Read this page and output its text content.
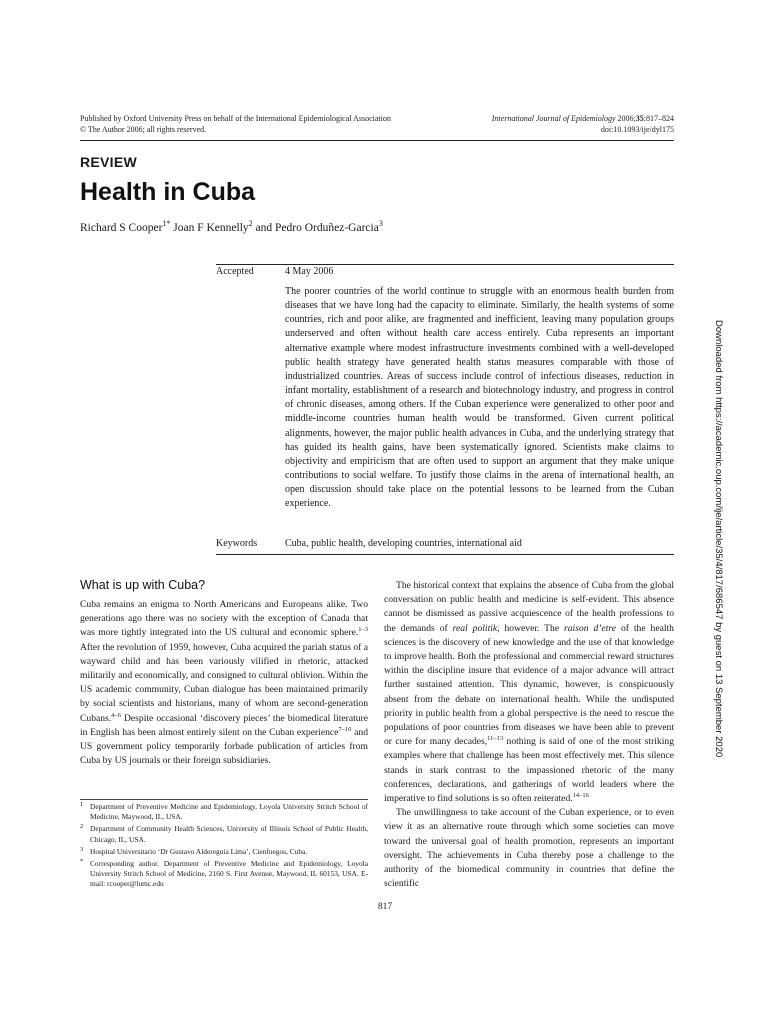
Published by Oxford University Press on behalf of the International Epidemiological Association
© The Author 2006; all rights reserved.
International Journal of Epidemiology 2006;35:817–824
doi:10.1093/ije/dyl175
REVIEW
Health in Cuba
Richard S Cooper$^{1*}$ Joan F Kennelly$^2$ and Pedro Orduñez-Garcia$^3$
Accepted	4 May 2006
The poorer countries of the world continue to struggle with an enormous health burden from diseases that we have long had the capacity to eliminate. Similarly, the health systems of some countries, rich and poor alike, are fragmented and inefficient, leaving many population groups underserved and often without health care access entirely. Cuba represents an important alternative example where modest infrastructure investments combined with a well-developed public health strategy have generated health status measures comparable with those of industrialized countries. Areas of success include control of infectious diseases, reduction in infant mortality, establishment of a research and biotechnology industry, and progress in control of chronic diseases, among others. If the Cuban experience were generalized to other poor and middle-income countries human health would be transformed. Given current political alignments, however, the major public health advances in Cuba, and the underlying strategy that has guided its health gains, have been systematically ignored. Scientists make claims to objectivity and empiricism that are often used to support an argument that they make unique contributions to social welfare. To justify those claims in the arena of international health, an open discussion should take place on the potential lessons to be learned from the Cuban experience.
Keywords	Cuba, public health, developing countries, international aid
What is up with Cuba?

Cuba remains an enigma to North Americans and Europeans alike. Two generations ago there was no society with the exception of Canada that was more tightly integrated into the US cultural and economic sphere.$^{1-3}$ After the revolution of 1959, however, Cuba acquired the pariah status of a wayward child and has been variously vilified in rhetoric, attacked militarily and economically, and consigned to cultural oblivion. Within the US academic community, Cuban dialogue has been maintained primarily by social scientists and historians, many of whom are second-generation Cubans.$^{4-6}$ Despite occasional ‘discovery pieces’ the biomedical literature in English has been almost entirely silent on the Cuban experience$^{7-10}$ and US government policy temporarily forbade publication of articles from Cuba by US journals or their foreign subsidiaries.

The historical context that explains the absence of Cuba from the global conversation on public health and medicine is self-evident. This absence cannot be dismissed as passive acquiescence of the health professions to the demands of real politik, however. The raison d’etre of the health sciences is the discovery of new knowledge and the use of that knowledge to improve health. Both the professional and commercial reward structures within the discipline insure that evidence of a major advance will attract further sustained attention. This dynamic, however, is conspicuously absent from the debate on international health. While the undisputed priority in public health from a global perspective is the need to rescue the populations of poor countries from diseases we have been able to prevent or cure for many decades,$^{11-13}$ nothing is said of one of the most striking examples where that challenge has been most effectively met. This silence stands in stark contrast to the impassioned rhetoric of the many conferences, declarations, and gatherings of world leaders where the imperative to find solutions is so often reiterated.$^{14-16}$

The unwillingness to take account of the Cuban experience, or to even view it as an alternative route through which some societies can move toward the universal goal of health promotion, represents an important oversight. The achievements in Cuba thereby pose a challenge to the authority of the biomedical community in countries that define the scientific

1 Department of Preventive Medicine and Epidemiology, Loyola University Stritch School of Medicine, Maywood, IL, USA.
2 Department of Community Health Sciences, University of Illinois School of Public Health, Chicago, IL, USA.
3 Hospital Universitario ‘Dr Gustavo Aldereguia Lima’, Cienfuegos, Cuba.
* Corresponding author. Department of Preventive Medicine and Epidemiology, Loyola University Stritch School of Medicine, 2160 S. First Avenue, Maywood, IL 60153, USA. E-mail: rcooper@lumc.edu
817
Downloaded from https://academic.oup.com/ije/article/35/4/817/686547 by guest on 13 September 2020
